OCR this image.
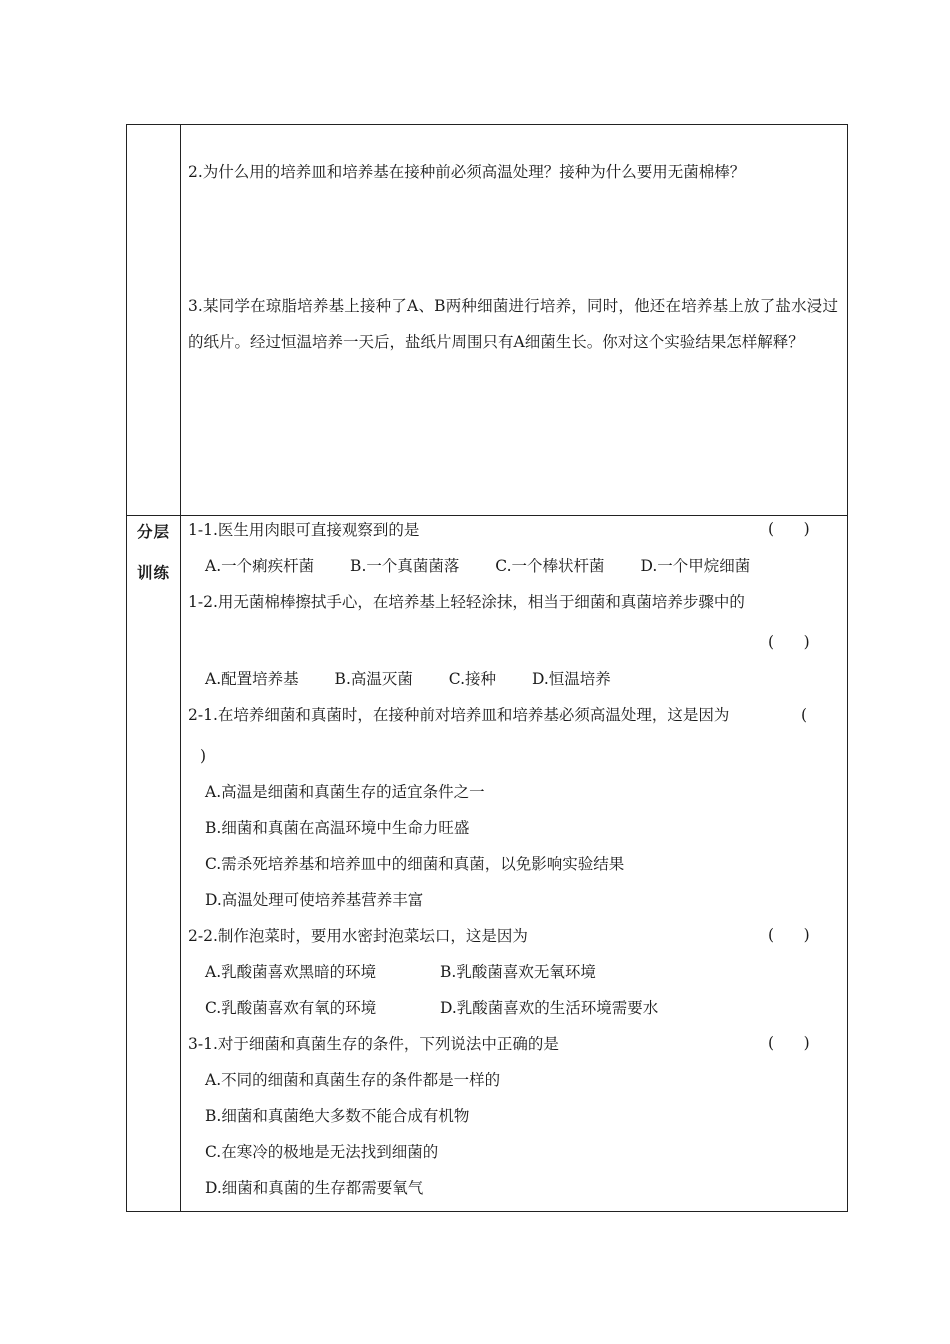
2.为什么用的培养皿和培养基在接种前必须高温处理？接种为什么要用无菌棉棒？
3.某同学在琼脂培养基上接种了A、B两种细菌进行培养，同时，他还在培养基上放了盐水浸过的纸片。经过恒温培养一天后，盐纸片周围只有A细菌生长。你对这个实验结果怎样解释？
分层
训练
1-1.医生用肉眼可直接观察到的是	(      )
A.一个痢疾杆菌　　 B.一个真菌菌落　　 C.一个棒状杆菌　　 D.一个甲烷细菌
1-2.用无菌棉棒擦拭手心，在培养基上轻轻涂抹，相当于细菌和真菌培养步骤中的
(      )
A.配置培养基　　 B.高温灭菌　　 C.接种　　 D.恒温培养
2-1.在培养细菌和真菌时，在接种前对培养皿和培养基必须高温处理，这是因为	(
)
A.高温是细菌和真菌生存的适宜条件之一
B.细菌和真菌在高温环境中生命力旺盛
C.需杀死培养基和培养皿中的细菌和真菌，以免影响实验结果
D.高温处理可使培养基营养丰富
2-2.制作泡菜时，要用水密封泡菜坛口，这是因为	(      )
A.乳酸菌喜欢黑暗的环境	B.乳酸菌喜欢无氧环境
C.乳酸菌喜欢有氧的环境	D.乳酸菌喜欢的生活环境需要水
3-1.对于细菌和真菌生存的条件，下列说法中正确的是	(      )
A.不同的细菌和真菌生存的条件都是一样的
B.细菌和真菌绝大多数不能合成有机物
C.在寒冷的极地是无法找到细菌的
D.细菌和真菌的生存都需要氧气
